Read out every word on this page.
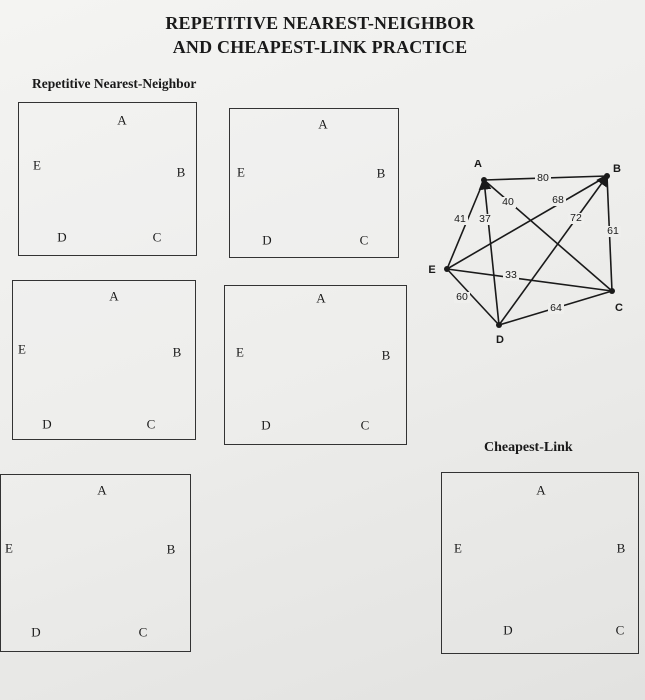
REPETITIVE NEAREST-NEIGHBOR
AND CHEAPEST-LINK PRACTICE
Repetitive Nearest-Neighbor
A
B
C
D
E
A
B
C
D
E
A
B
C
D
E
A
B
C
D
E
A
B
C
D
E
Cheapest-Link
A
B
C
D
E
80
40
41 37
61
72
68
64
33
60
A	B
C
D
E
